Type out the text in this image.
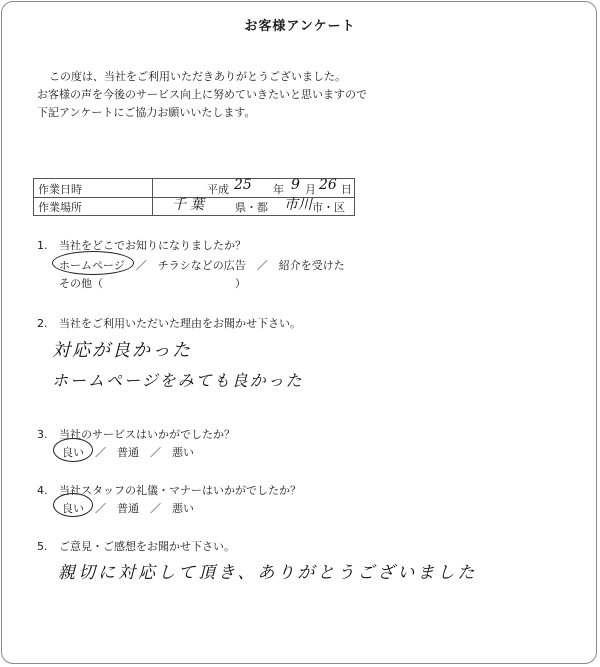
お客様アンケート
この度は、当社をご利用いただきありがとうございました。
お客様の声を今後のサービス向上に努めていきたいと思いますので
下記アンケートにご協力お願いいたします。
作業日時	平成 25 年 9 月 26 日
作業場所	千葉 県・都 市川 市・区
1. 当社をどこでお知りになりましたか？
ホームページ　／　チラシなどの広告　／　紹介を受けた
その他（　　　　　　　　　　　　）
2. 当社をご利用いただいた理由をお聞かせ下さい。
対応が良かった
ホームページをみても良かった
3. 当社のサービスはいかがでしたか？
良い　／　普通　／　悪い
4. 当社スタッフの礼儀・マナーはいかがでしたか？
良い　／　普通　／　悪い
5. ご意見・ご感想をお聞かせ下さい。
親切に対応して頂き、ありがとうございました
